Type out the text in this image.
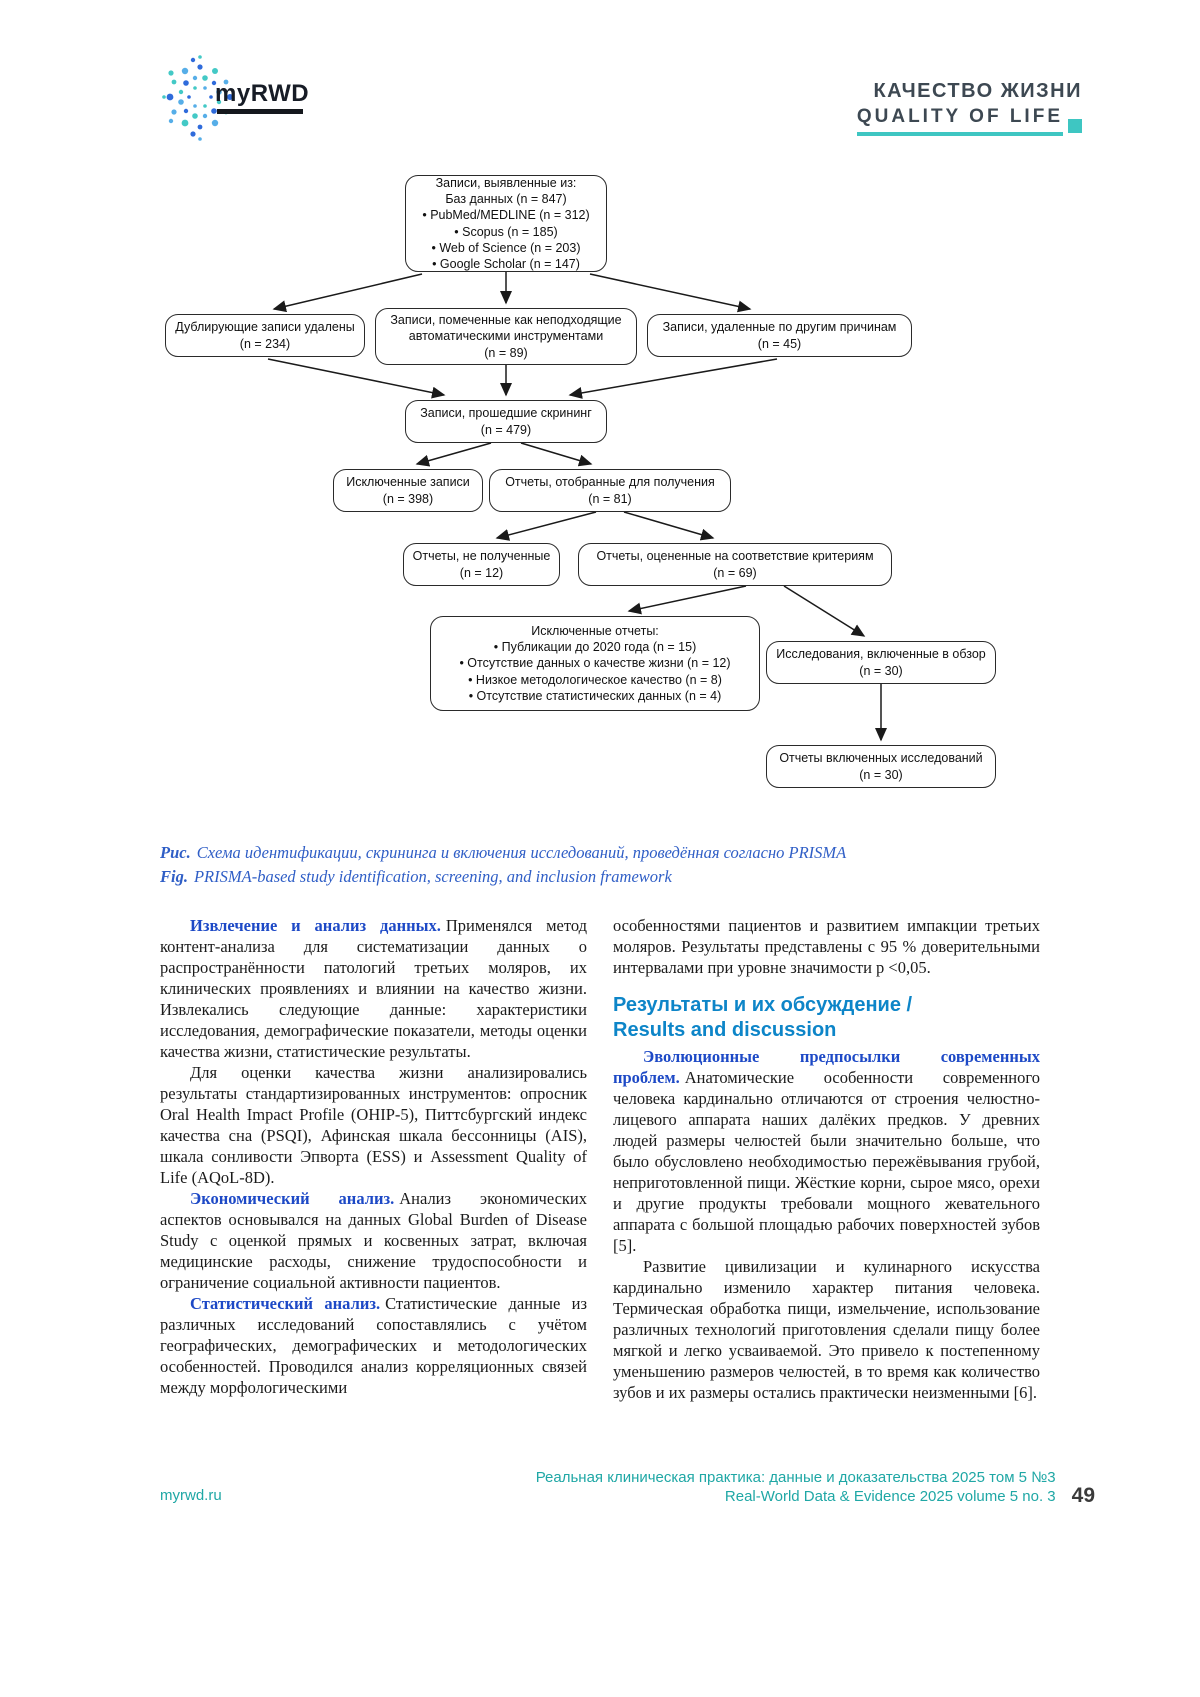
myRWD	КАЧЕСТВО ЖИЗНИ
QUALITY OF LIFE
Записи, выявленные из:
Баз данных (n = 847)
• PubMed/MEDLINE (n = 312)
• Scopus (n = 185)
• Web of Science (n = 203)
• Google Scholar (n = 147)
Дублирующие записи удалены
(n = 234)
Записи, помеченные как неподходящие
автоматическими инструментами
(n = 89)
Записи, удаленные по другим причинам
(n = 45)
Записи, прошедшие скрининг
(n = 479)
Исключенные записи
(n = 398)
Отчеты, отобранные для получения
(n = 81)
Отчеты, не полученные
(n = 12)
Отчеты, оцененные на соответствие критериям
(n = 69)
Исключенные отчеты:
• Публикации до 2020 года (n = 15)
• Отсутствие данных о качестве жизни (n = 12)
• Низкое методологическое качество (n = 8)
• Отсутствие статистических данных (n = 4)
Исследования, включенные в обзор
(n = 30)
Отчеты включенных исследований
(n = 30)
Рис. Схема идентификации, скрининга и включения исследований, проведённая согласно PRISMA
Fig. PRISMA-based study identification, screening, and inclusion framework

Извлечение и анализ данных. Применялся метод контент-анализа для систематизации данных о распространённости патологий третьих моляров, их клинических проявлениях и влиянии на качество жизни. Извлекались следующие данные: характеристики исследования, демографические показатели, методы оценки качества жизни, статистические результаты.

Для оценки качества жизни анализировались результаты стандартизированных инструментов: опросник Oral Health Impact Profile (OHIP-5), Питтсбургский индекс качества сна (PSQI), Афинская шкала бессонницы (AIS), шкала сонливости Эпворта (ESS) и Assessment Quality of Life (AQoL-8D).

Экономический анализ. Анализ экономических аспектов основывался на данных Global Burden of Disease Study с оценкой прямых и косвенных затрат, включая медицинские расходы, снижение трудоспособности и ограничение социальной активности пациентов.

Статистический анализ. Статистические данные из различных исследований сопоставлялись с учётом географических, демографических и методологических особенностей. Проводился анализ корреляционных связей между морфологическими

особенностями пациентов и развитием импакции третьих моляров. Результаты представлены с 95 % доверительными интервалами при уровне значимости p <0,05.

Результаты и их обсуждение /
Results and discussion

Эволюционные предпосылки современных проблем. Анатомические особенности современного человека кардинально отличаются от строения челюстно-лицевого аппарата наших далёких предков. У древних людей размеры челюстей были значительно больше, что было обусловлено необходимостью пережёвывания грубой, неприготовленной пищи. Жёсткие корни, сырое мясо, орехи и другие продукты требовали мощного жевательного аппарата с большой площадью рабочих поверхностей зубов [5].

Развитие цивилизации и кулинарного искусства кардинально изменило характер питания человека. Термическая обработка пищи, измельчение, использование различных технологий приготовления сделали пищу более мягкой и легко усваиваемой. Это привело к постепенному уменьшению размеров челюстей, в то время как количество зубов и их размеры остались практически неизменными [6].

myrwd.ru
Реальная клиническая практика: данные и доказательства 2025 том 5 №3
Real-World Data & Evidence 2025 volume 5 no. 3 49
